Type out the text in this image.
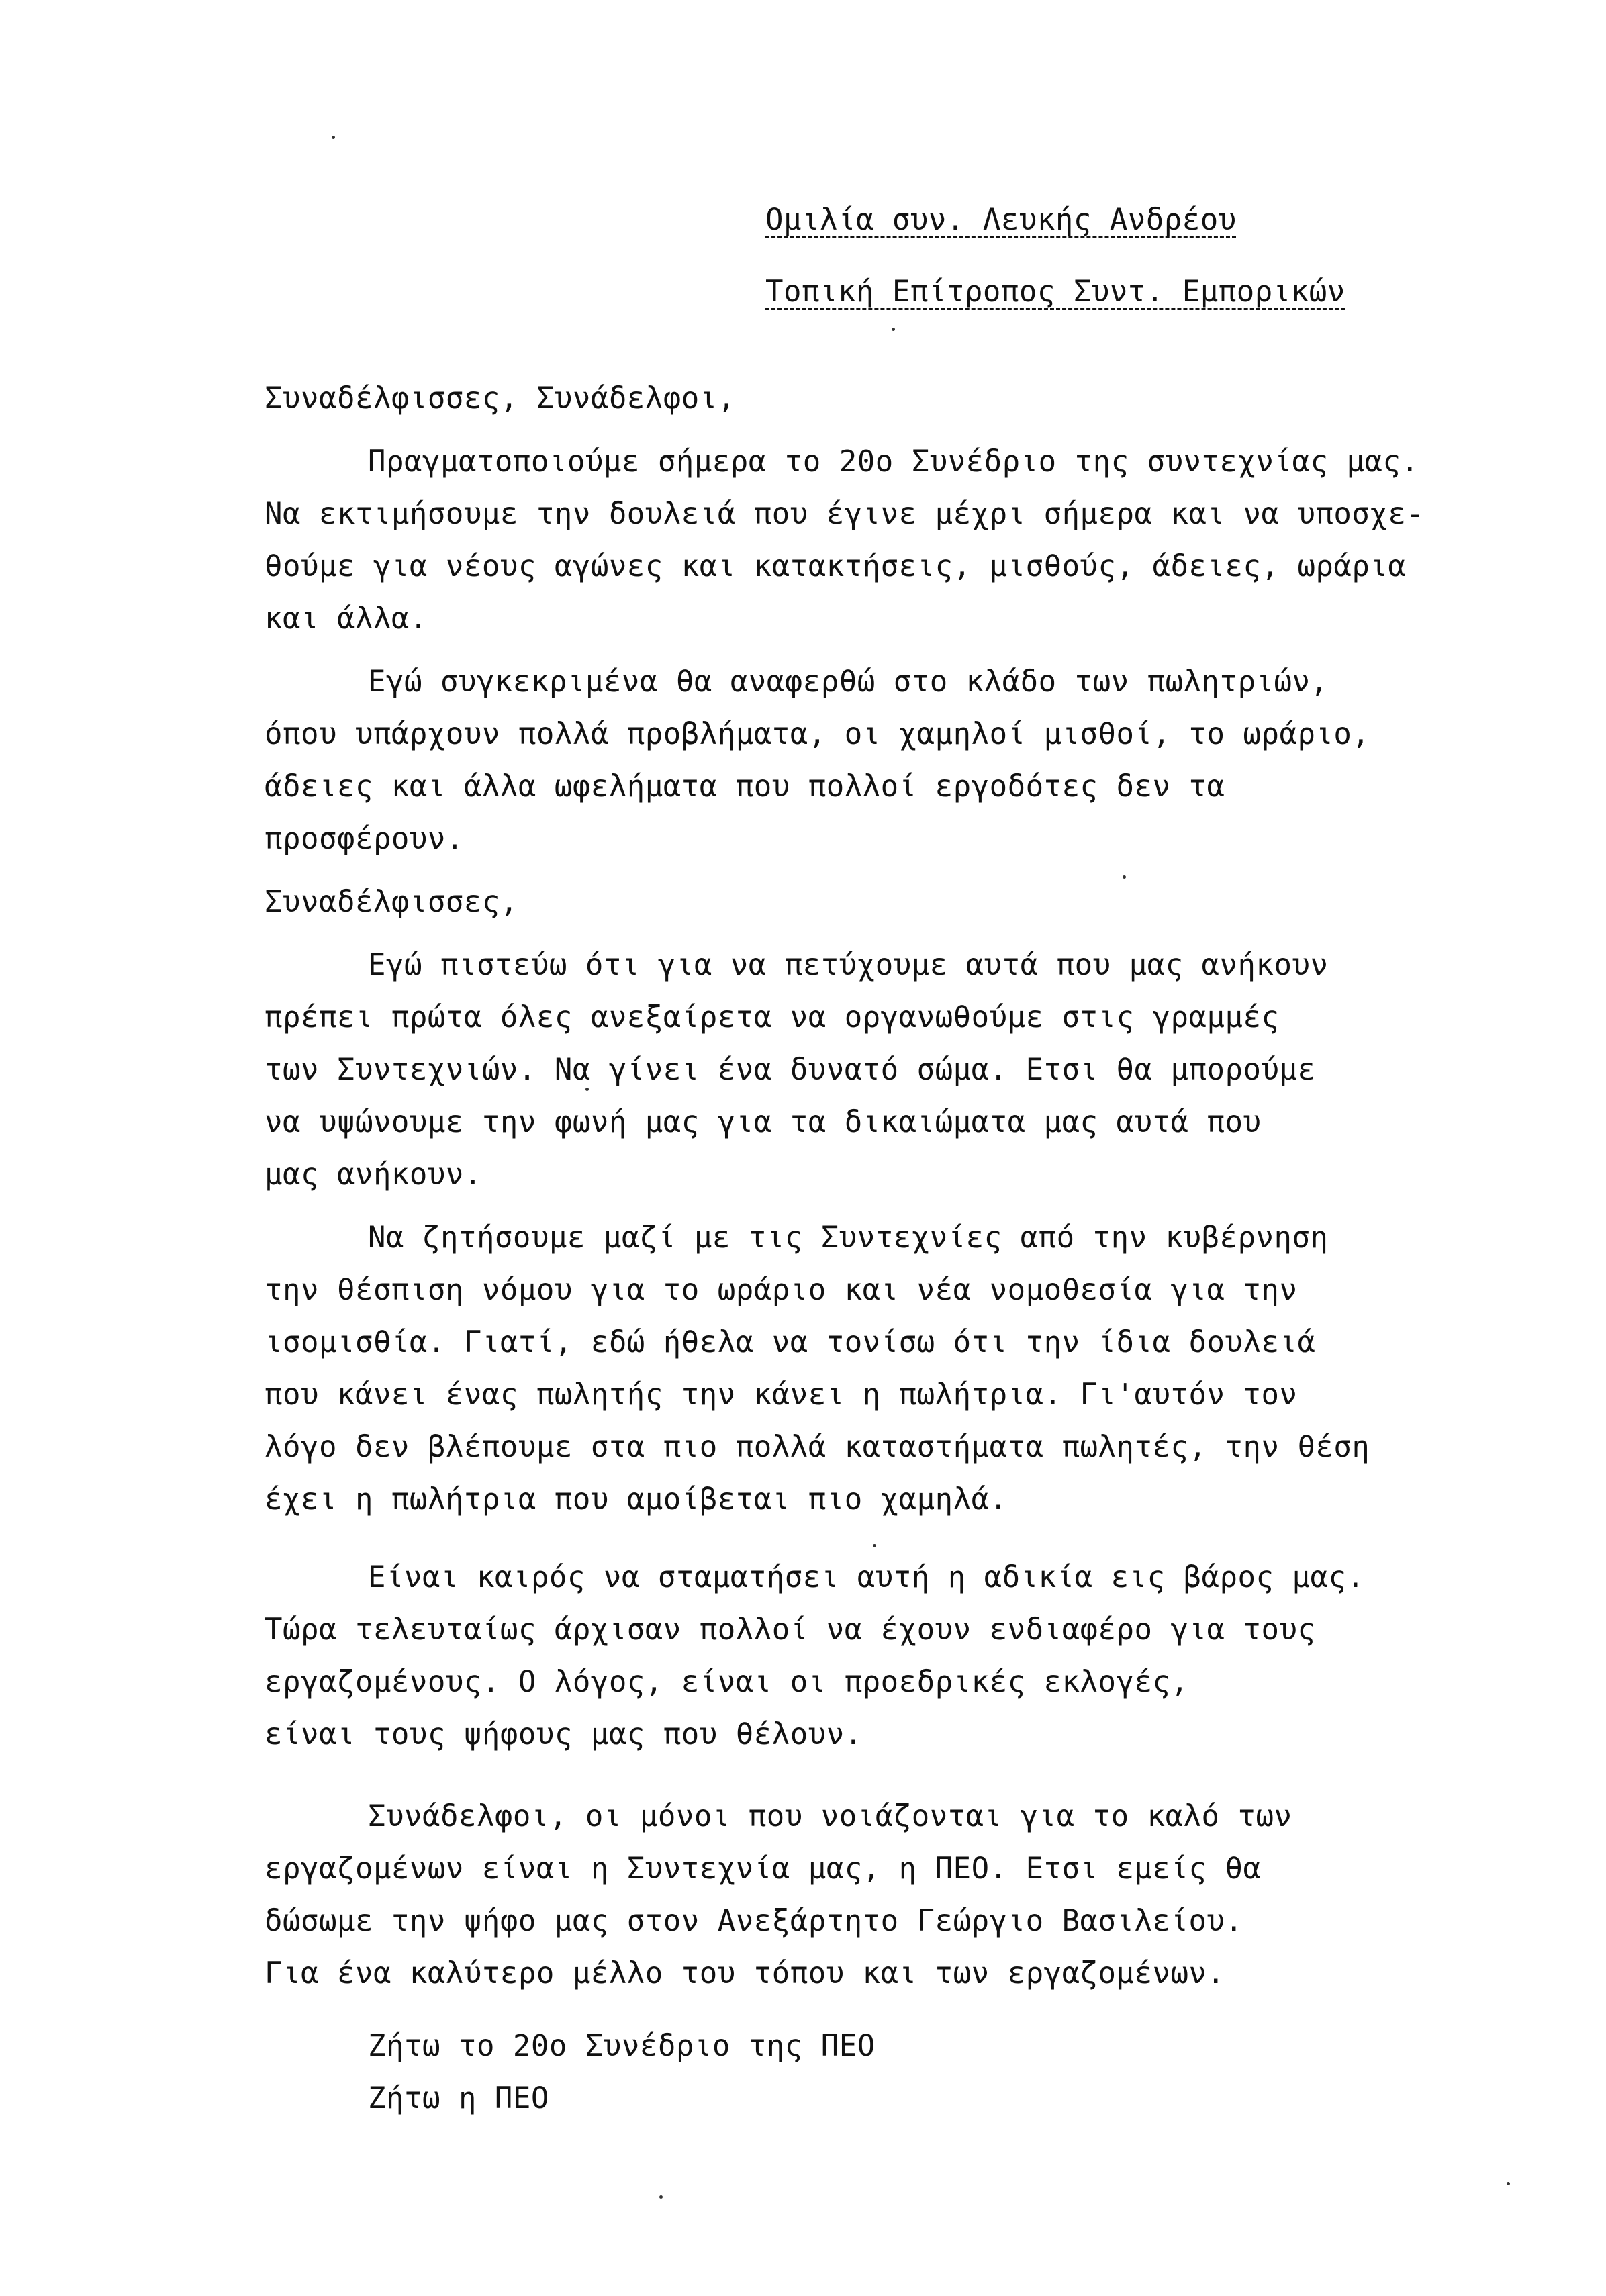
Ομιλία συν. Λευκής Ανδρέου
Τοπική Επίτροπος Συντ. Εμπορικών
Συναδέλφισσες, Συνάδελφοι,
Πραγματοποιούμε σήμερα το 20ο Συνέδριο της συντεχνίας μας.
Να εκτιμήσουμε την δουλειά που έγινε μέχρι σήμερα και να υποσχε-
θούμε για νέους αγώνες και κατακτήσεις, μισθούς, άδειες, ωράρια
και άλλα.
Εγώ συγκεκριμένα θα αναφερθώ στο κλάδο των πωλητριών,
όπου υπάρχουν πολλά προβλήματα, οι χαμηλοί μισθοί, το ωράριο,
άδειες και άλλα ωφελήματα που πολλοί εργοδότες δεν τα
προσφέρουν.
Συναδέλφισσες,
Εγώ πιστεύω ότι για να πετύχουμε αυτά που μας ανήκουν
πρέπει πρώτα όλες ανεξαίρετα να οργανωθούμε στις γραμμές
των Συντεχνιών. Να γίνει ένα δυνατό σώμα. Ετσι θα μπορούμε
να υψώνουμε την φωνή μας για τα δικαιώματα μας αυτά που
μας ανήκουν.
Να ζητήσουμε μαζί με τις Συντεχνίες από την κυβέρνηση
την θέσπιση νόμου για το ωράριο και νέα νομοθεσία για την
ισομισθία. Γιατί, εδώ ήθελα να τονίσω ότι την ίδια δουλειά
που κάνει ένας πωλητής την κάνει η πωλήτρια. Γι'αυτόν τον
λόγο δεν βλέπουμε στα πιο πολλά καταστήματα πωλητές, την θέση
έχει η πωλήτρια που αμοίβεται πιο χαμηλά.
Είναι καιρός να σταματήσει αυτή η αδικία εις βάρος μας.
Τώρα τελευταίως άρχισαν πολλοί να έχουν ενδιαφέρο για τους
εργαζομένους. Ο λόγος, είναι οι προεδρικές εκλογές,
είναι τους ψήφους μας που θέλουν.
Συνάδελφοι, οι μόνοι που νοιάζονται για το καλό των
εργαζομένων είναι η Συντεχνία μας, η ΠΕΟ. Ετσι εμείς θα
δώσωμε την ψήφο μας στον Ανεξάρτητο Γεώργιο Βασιλείου.
Για ένα καλύτερο μέλλο του τόπου και των εργαζομένων.
Ζήτω το 20ο Συνέδριο της ΠΕΟ
Ζήτω η ΠΕΟ
